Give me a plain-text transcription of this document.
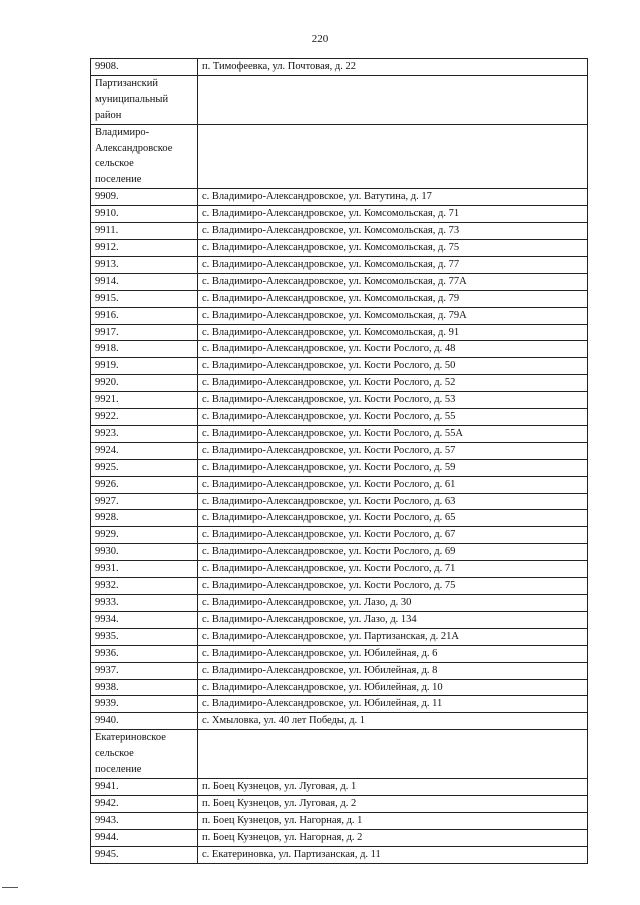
220
9908.	п. Тимофеевка, ул. Почтовая, д. 22

Партизанский
муниципальный
район	

Владимиро-
Александровское
сельское
поселение	

9909.	с. Владимиро-Александровское, ул. Ватутина, д. 17
9910.	с. Владимиро-Александровское, ул. Комсомольская, д. 71
9911.	с. Владимиро-Александровское, ул. Комсомольская, д. 73
9912.	с. Владимиро-Александровское, ул. Комсомольская, д. 75
9913.	с. Владимиро-Александровское, ул. Комсомольская, д. 77
9914.	с. Владимиро-Александровское, ул. Комсомольская, д. 77А
9915.	с. Владимиро-Александровское, ул. Комсомольская, д. 79
9916.	с. Владимиро-Александровское, ул. Комсомольская, д. 79А
9917.	с. Владимиро-Александровское, ул. Комсомольская, д. 91
9918.	с. Владимиро-Александровское, ул. Кости Рослого, д. 48
9919.	с. Владимиро-Александровское, ул. Кости Рослого, д. 50
9920.	с. Владимиро-Александровское, ул. Кости Рослого, д. 52
9921.	с. Владимиро-Александровское, ул. Кости Рослого, д. 53
9922.	с. Владимиро-Александровское, ул. Кости Рослого, д. 55
9923.	с. Владимиро-Александровское, ул. Кости Рослого, д. 55А
9924.	с. Владимиро-Александровское, ул. Кости Рослого, д. 57
9925.	с. Владимиро-Александровское, ул. Кости Рослого, д. 59
9926.	с. Владимиро-Александровское, ул. Кости Рослого, д. 61
9927.	с. Владимиро-Александровское, ул. Кости Рослого, д. 63
9928.	с. Владимиро-Александровское, ул. Кости Рослого, д. 65
9929.	с. Владимиро-Александровское, ул. Кости Рослого, д. 67
9930.	с. Владимиро-Александровское, ул. Кости Рослого, д. 69
9931.	с. Владимиро-Александровское, ул. Кости Рослого, д. 71
9932.	с. Владимиро-Александровское, ул. Кости Рослого, д. 75
9933.	с. Владимиро-Александровское, ул. Лазо, д. 30
9934.	с. Владимиро-Александровское, ул. Лазо, д. 134
9935.	с. Владимиро-Александровское, ул. Партизанская, д. 21А
9936.	с. Владимиро-Александровское, ул. Юбилейная, д. 6
9937.	с. Владимиро-Александровское, ул. Юбилейная, д. 8
9938.	с. Владимиро-Александровское, ул. Юбилейная, д. 10
9939.	с. Владимиро-Александровское, ул. Юбилейная, д. 11
9940.	с. Хмыловка, ул. 40 лет Победы, д. 1

Екатериновское
сельское
поселение	

9941.	п. Боец Кузнецов, ул. Луговая, д. 1
9942.	п. Боец Кузнецов, ул. Луговая, д. 2
9943.	п. Боец Кузнецов, ул. Нагорная, д. 1
9944.	п. Боец Кузнецов, ул. Нагорная, д. 2
9945.	с. Екатериновка, ул. Партизанская, д. 11
